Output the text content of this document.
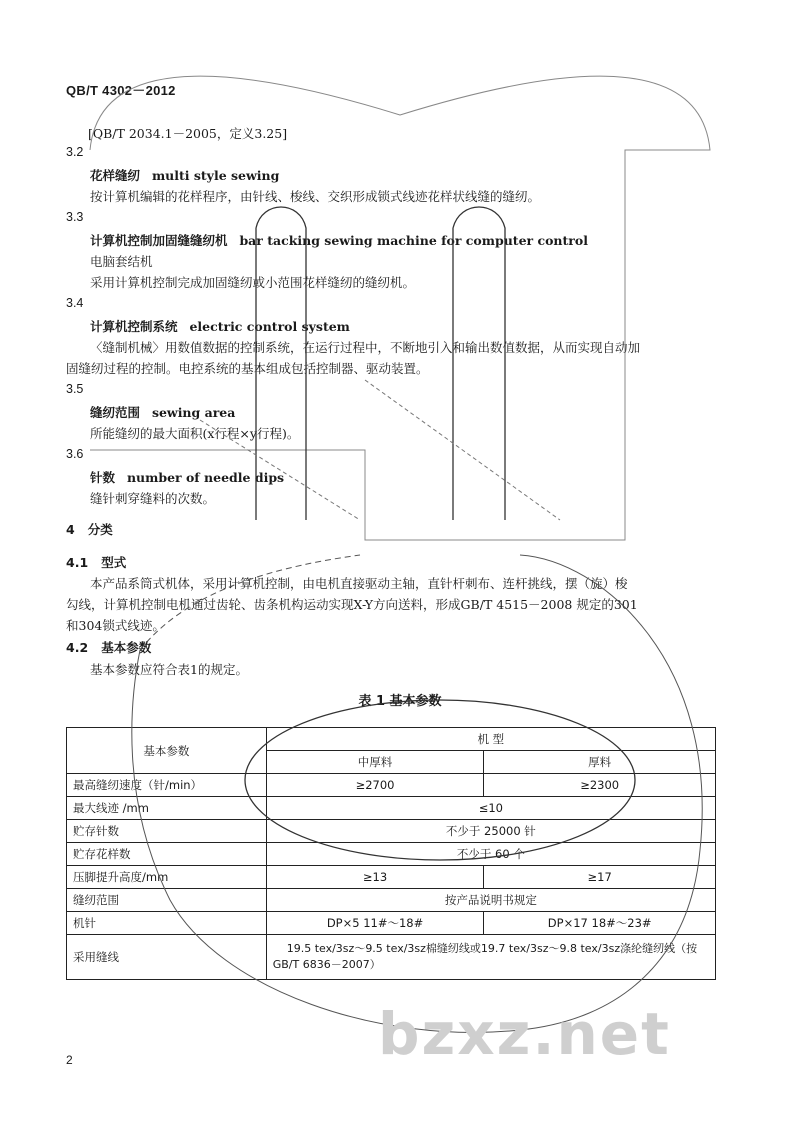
QB/T 4302－2012
[QB/T 2034.1－2005，定义3.25]
3.2
花样缝纫 multi style sewing
按计算机编辑的花样程序，由针线、梭线、交织形成锁式线迹花样状线缝的缝纫。
3.3
计算机控制加固缝缝纫机 bar tacking sewing machine for computer control
电脑套结机
采用计算机控制完成加固缝纫或小范围花样缝纫的缝纫机。
3.4
计算机控制系统 electric control system
〈缝制机械〉用数值数据的控制系统，在运行过程中，不断地引入和输出数值数据，从而实现自动加
固缝纫过程的控制。电控系统的基本组成包括控制器、驱动装置。
3.5
缝纫范围 sewing area
所能缝纫的最大面积(x行程×y行程)。
3.6
针数 number of needle dips
缝针刺穿缝料的次数。
4 分类
4.1 型式
本产品系筒式机体，采用计算机控制，由电机直接驱动主轴，直针杆刺布、连杆挑线，摆（旋）梭
勾线，计算机控制电机通过齿轮、齿条机构运动实现X-Y方向送料，形成GB/T 4515－2008 规定的301
和304锁式线迹。
4.2 基本参数
基本参数应符合表1的规定。
表 1 基本参数
基本参数	机 型	
	中厚料	厚料
最高缝纫速度（针/min）	≥2700	≥2300
最大线迹 /mm	≤10	
贮存针数	不少于 25000 针	
贮存花样数	不少于 60 个	
压脚提升高度/mm	≥13	≥17
缝纫范围	按产品说明书规定	
机针	DP×5 11#～18#	DP×17 18#～23#
采用缝线	19.5 tex/3sz～9.5 tex/3sz棉缝纫线或19.7 tex/3sz～9.8 tex/3sz涤纶缝纫线（按
GB/T 6836－2007）	
2	bzxz.net
